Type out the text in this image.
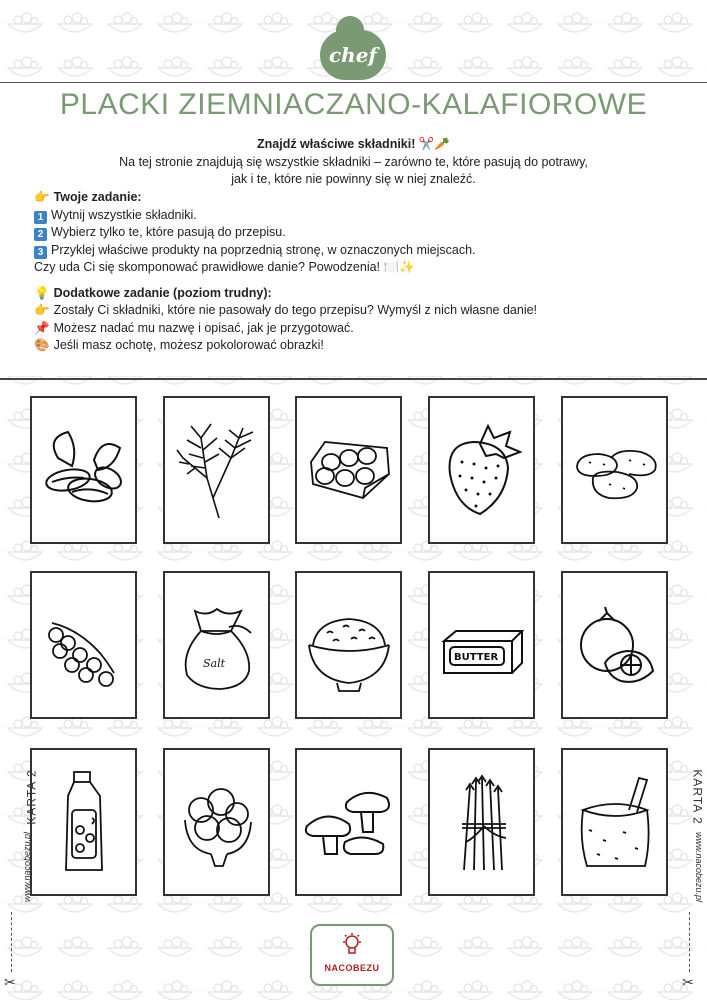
chef
PLACKI ZIEMNIACZANO-KALAFIOROWE
Znajdź właściwe składniki! ✂️🥕
Na tej stronie znajdują się wszystkie składniki – zarówno te, które pasują do potrawy,
jak i te, które nie powinny się w niej znaleźć.
👉 Twoje zadanie:
1 Wytnij wszystkie składniki.
2 Wybierz tylko te, które pasują do przepisu.
3 Przyklej właściwe produkty na poprzednią stronę, w oznaczonych miejscach.
Czy uda Ci się skomponować prawidłowe danie? Powodzenia! 🍽️✨
💡 Dodatkowe zadanie (poziom trudny):
👉 Zostały Ci składniki, które nie pasowały do tego przepisu? Wymyśl z nich własne danie!
📌 Możesz nadać mu nazwę i opisać, jak je przygotować.
🎨 Jeśli masz ochotę, możesz pokolorować obrazki!
Salt	BUTTER
KARTA 2	KARTA 2
www.nacobezu.pl	www.nacobezu.pl
✂	✂
NACOBEZU
